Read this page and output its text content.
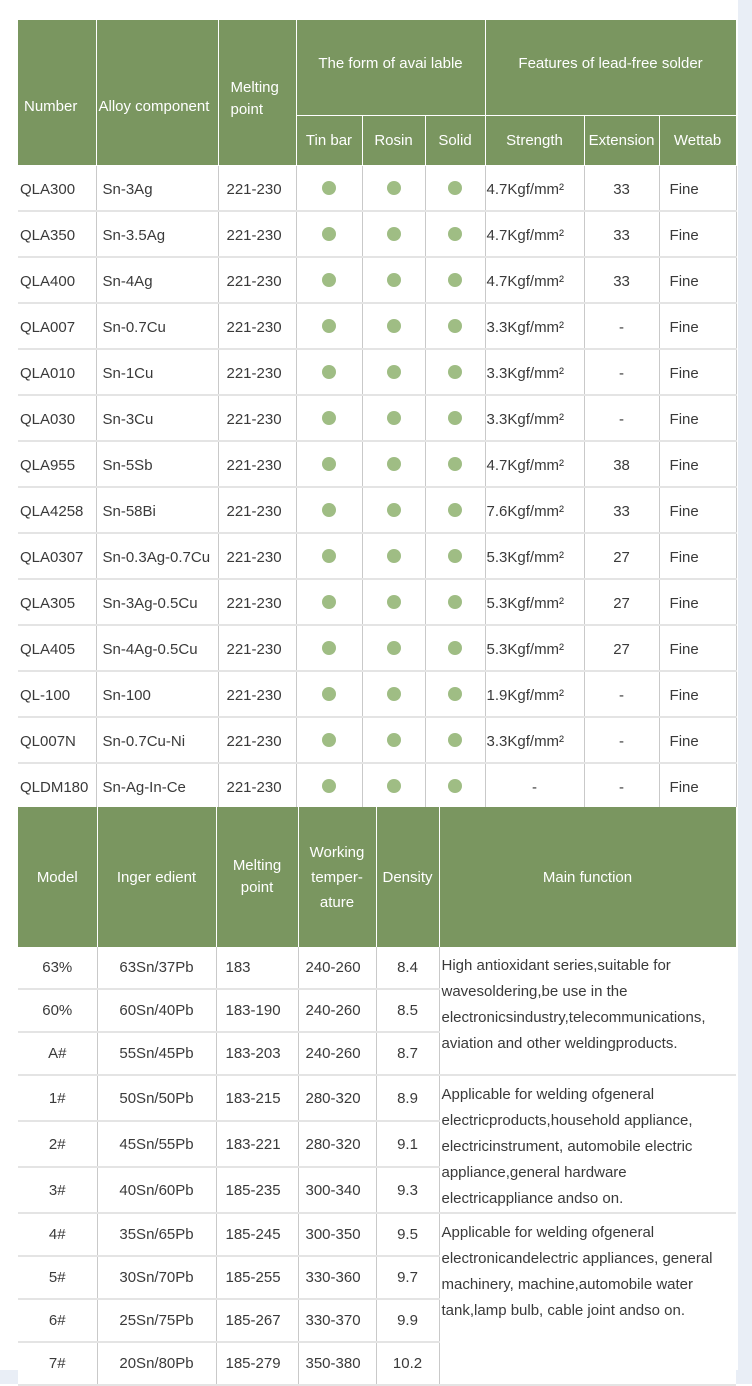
Number	Alloy component	Melting point	The form of avai lable			Features of lead-free solder		
			Tin bar	Rosin	Solid	Strength	Extension	Wettab
QLA300	Sn-3Ag	221-230				4.7Kgf/mm²	33	Fine
QLA350	Sn-3.5Ag	221-230				4.7Kgf/mm²	33	Fine
QLA400	Sn-4Ag	221-230				4.7Kgf/mm²	33	Fine
QLA007	Sn-0.7Cu	221-230				3.3Kgf/mm²	-	Fine
QLA010	Sn-1Cu	221-230				3.3Kgf/mm²	-	Fine
QLA030	Sn-3Cu	221-230				3.3Kgf/mm²	-	Fine
QLA955	Sn-5Sb	221-230				4.7Kgf/mm²	38	Fine
QLA4258	Sn-58Bi	221-230				7.6Kgf/mm²	33	Fine
QLA0307	Sn-0.3Ag-0.7Cu	221-230				5.3Kgf/mm²	27	Fine
QLA305	Sn-3Ag-0.5Cu	221-230				5.3Kgf/mm²	27	Fine
QLA405	Sn-4Ag-0.5Cu	221-230				5.3Kgf/mm²	27	Fine
QL-100	Sn-100	221-230				1.9Kgf/mm²	-	Fine
QL007N	Sn-0.7Cu-Ni	221-230				3.3Kgf/mm²	-	Fine
QLDM180	Sn-Ag-In-Ce	221-230				-	-	Fine

Model	Inger edient	Melting point	Working temper- ature	Density	Main function
63%	63Sn/37Pb	183	240-260	8.4	High antioxidant series,suitable for wavesoldering,be use in the electronicsindustry,telecommunications, aviation and other weldingproducts.

60%	60Sn/40Pb	183-190	240-260	8.5	
A#	55Sn/45Pb	183-203	240-260	8.7	
1#	50Sn/50Pb	183-215	280-320	8.9	Applicable for welding ofgeneral electricproducts,household appliance, electricinstrument, automobile electric appliance,general hardware electricappliance andso on.

2#	45Sn/55Pb	183-221	280-320	9.1	
3#	40Sn/60Pb	185-235	300-340	9.3	
4#	35Sn/65Pb	185-245	300-350	9.5	Applicable for welding ofgeneral electronicandelectric appliances, general machinery, machine,automobile water tank,lamp bulb, cable joint andso on.

5#	30Sn/70Pb	185-255	330-360	9.7	
6#	25Sn/75Pb	185-267	330-370	9.9	
7#	20Sn/80Pb	185-279	350-380	10.2	
